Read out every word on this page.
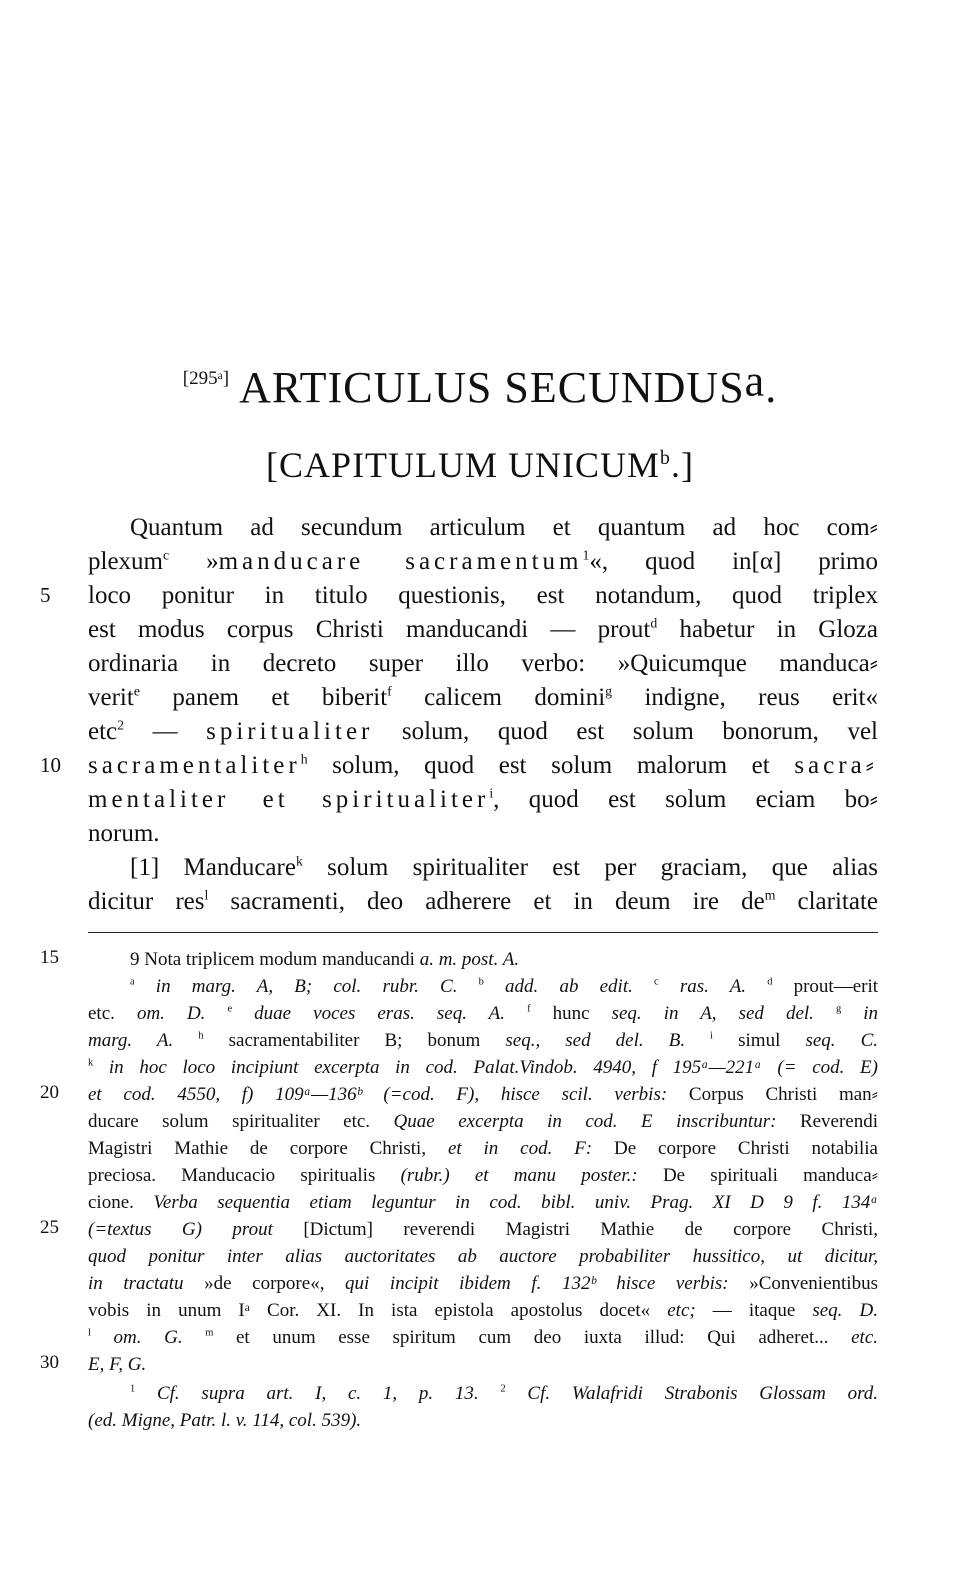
[295ᵃ] ARTICULUS SECUNDUS$^a$.
[CAPITULUM UNICUM$^b$.]
Quantum ad secundum articulum et quantum ad hoc com⸗
plexum$^c$ »manducare sacramentum$^1$«, quod in[α] primo
5	loco ponitur in titulo questionis, est notandum, quod triplex
est modus corpus Christi manducandi — prout$^d$ habetur in Gloza
ordinaria in decreto super illo verbo: »Quicumque manduca⸗
verit$^e$ panem et biberit$^f$ calicem domini$^g$ indigne, reus erit«
etc$^2$ — spiritualiter solum, quod est solum bonorum, vel
10	sacramentaliter$^h$ solum, quod est solum malorum et sacra⸗
mentaliter et spiritualiter$^i$, quod est solum eciam bo⸗
norum.
[1] Manducare$^k$ solum spiritualiter est per graciam, que alias
dicitur res$^l$ sacramenti, deo adherere et in deum ire $de^m$ claritate
15	9 Nota triplicem modum manducandi a. m. post. A.
$^a$ in marg. A, B; col. rubr. C. $^b$ add. ab edit. $^c$ ras. A. $^d$ prout—erit
etc. om. D. $^e$ duae voces eras. seq. A. $^f$ hunc seq. in A, sed del. $^g$ in
marg. A. $^h$ sacramentabiliter B; bonum seq., sed del. B. $^i$ simul seq. C.
$^k$ in hoc loco incipiunt excerpta in cod. Palat.Vindob. 4940, f 195ᵃ—221ᵃ (= cod. E)
20	et cod. 4550, f) 109ᵃ—136ᵇ (=cod. F), hisce scil. verbis: Corpus Christi man⸗
ducare solum spiritualiter etc. Quae excerpta in cod. E inscribuntur: Reverendi
Magistri Mathie de corpore Christi, et in cod. F: De corpore Christi notabilia
preciosa. Manducacio spiritualis (rubr.) et manu poster.: De spirituali manduca⸗
cione. Verba sequentia etiam leguntur in cod. bibl. univ. Prag. XI D 9 f. 134ᵃ
25	(=textus G) prout [Dictum] reverendi Magistri Mathie de corpore Christi,
quod ponitur inter alias auctoritates ab auctore probabiliter hussitico, ut dicitur,
in tractatu »de corpore«, qui incipit ibidem f. 132ᵇ hisce verbis: »Convenientibus
vobis in unum Iᵃ Cor. XI. In ista epistola apostolus docet« etc; — itaque seq. D.
$^l$ om. G. $^m$ et unum esse spiritum cum deo iuxta illud: Qui adheret... etc.
30	E, F, G.
$^1$ Cf. supra art. I, c. 1, p. 13. $^2$ Cf. Walafridi Strabonis Glossam ord.
(ed. Migne, Patr. l. v. 114, col. 539).
